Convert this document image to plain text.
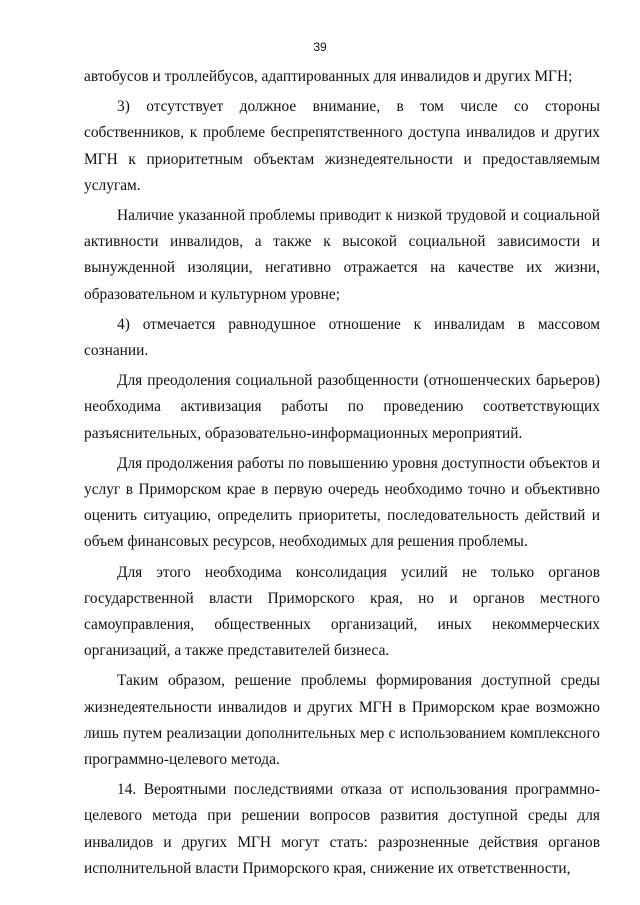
39

автобусов и троллейбусов, адаптированных для инвалидов и других МГН;

3) отсутствует должное внимание, в том числе со стороны собственников, к проблеме беспрепятственного доступа инвалидов и других МГН к приоритетным объектам жизнедеятельности и предоставляемым услугам.

Наличие указанной проблемы приводит к низкой трудовой и социальной активности инвалидов, а также к высокой социальной зависимости и вынужденной изоляции, негативно отражается на качестве их жизни, образовательном и культурном уровне;

4) отмечается равнодушное отношение к инвалидам в массовом сознании.

Для преодоления социальной разобщенности (отношенческих барьеров) необходима активизация работы по проведению соответствующих разъяснительных, образовательно-информационных мероприятий.

Для продолжения работы по повышению уровня доступности объектов и услуг в Приморском крае в первую очередь необходимо точно и объективно оценить ситуацию, определить приоритеты, последовательность действий и объем финансовых ресурсов, необходимых для решения проблемы.

Для этого необходима консолидация усилий не только органов государственной власти Приморского края, но и органов местного самоуправления, общественных организаций, иных некоммерческих организаций, а также представителей бизнеса.

Таким образом, решение проблемы формирования доступной среды жизнедеятельности инвалидов и других МГН в Приморском крае возможно лишь путем реализации дополнительных мер с использованием комплексного программно-целевого метода.

14. Вероятными последствиями отказа от использования программно-целевого метода при решении вопросов развития доступной среды для инвалидов и других МГН могут стать: разрозненные действия органов исполнительной власти Приморского края, снижение их ответственности,
